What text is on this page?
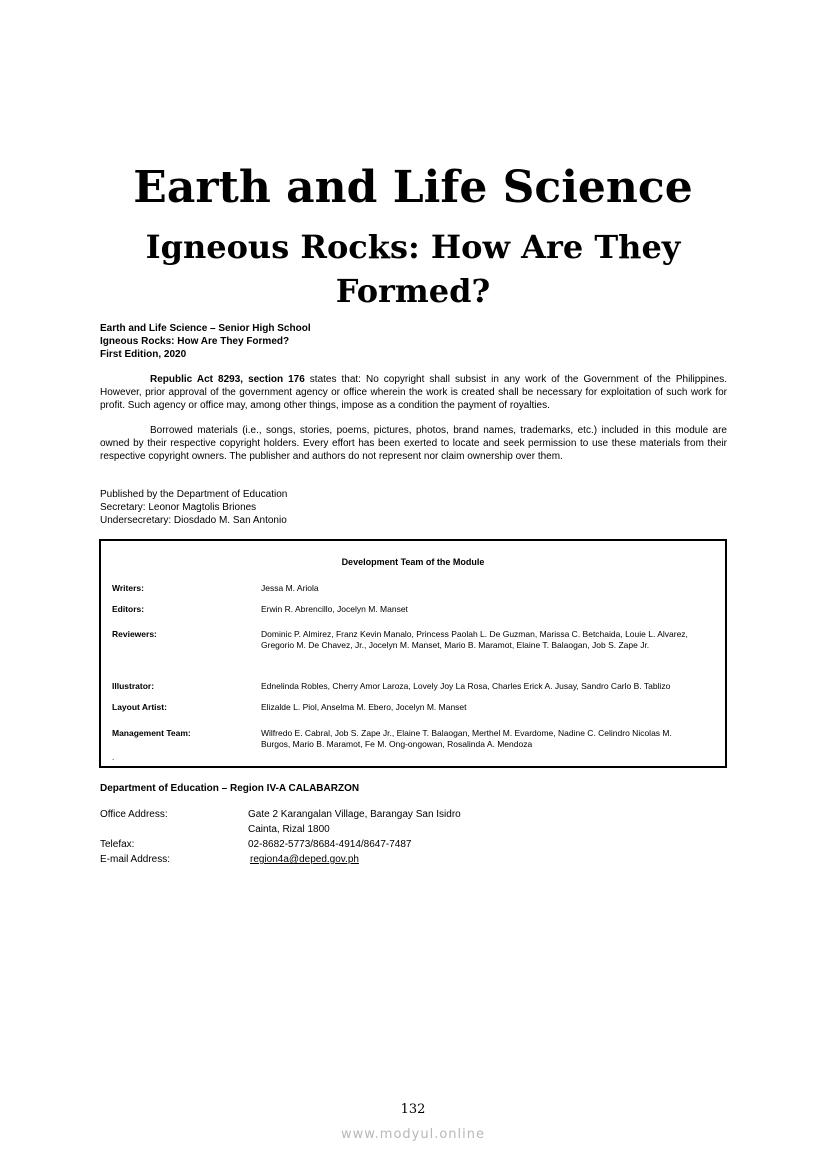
Earth and Life Science
Igneous Rocks: How Are They Formed?
Earth and Life Science – Senior High School
Igneous Rocks: How Are They Formed?
First Edition, 2020
Republic Act 8293, section 176 states that: No copyright shall subsist in any work of the Government of the Philippines. However, prior approval of the government agency or office wherein the work is created shall be necessary for exploitation of such work for profit. Such agency or office may, among other things, impose as a condition the payment of royalties.
Borrowed materials (i.e., songs, stories, poems, pictures, photos, brand names, trademarks, etc.) included in this module are owned by their respective copyright holders. Every effort has been exerted to locate and seek permission to use these materials from their respective copyright owners. The publisher and authors do not represent nor claim ownership over them.
Published by the Department of Education
Secretary: Leonor Magtolis Briones
Undersecretary: Diosdado M. San Antonio
Development Team of the Module
Writers:	Jessa M. Ariola
Editors:	Erwin R. Abrencillo, Jocelyn M. Manset
Reviewers:	Dominic P. Almirez, Franz Kevin Manalo, Princess Paolah L. De Guzman, Marissa C. Betchaida, Louie L. Alvarez, Gregorio M. De Chavez, Jr., Jocelyn M. Manset, Mario B. Maramot, Elaine T. Balaogan, Job S. Zape Jr.
Illustrator:	Ednelinda Robles, Cherry Amor Laroza, Lovely Joy La Rosa, Charles Erick A. Jusay, Sandro Carlo B. Tablizo
Layout Artist:	Elizalde L. Piol, Anselma M. Ebero, Jocelyn M. Manset
Management Team:	Wilfredo E. Cabral, Job S. Zape Jr., Elaine T. Balaogan, Merthel M. Evardome, Nadine C. Celindro Nicolas M. Burgos, Mario B. Maramot, Fe M. Ong-ongowan, Rosalinda A. Mendoza
.
Department of Education – Region IV-A CALABARZON
Office Address:	Gate 2 Karangalan Village, Barangay San Isidro
Cainta, Rizal 1800
Telefax:	02-8682-5773/8684-4914/8647-7487
E-mail Address:	region4a@deped.gov.ph
132
www.modyul.online
